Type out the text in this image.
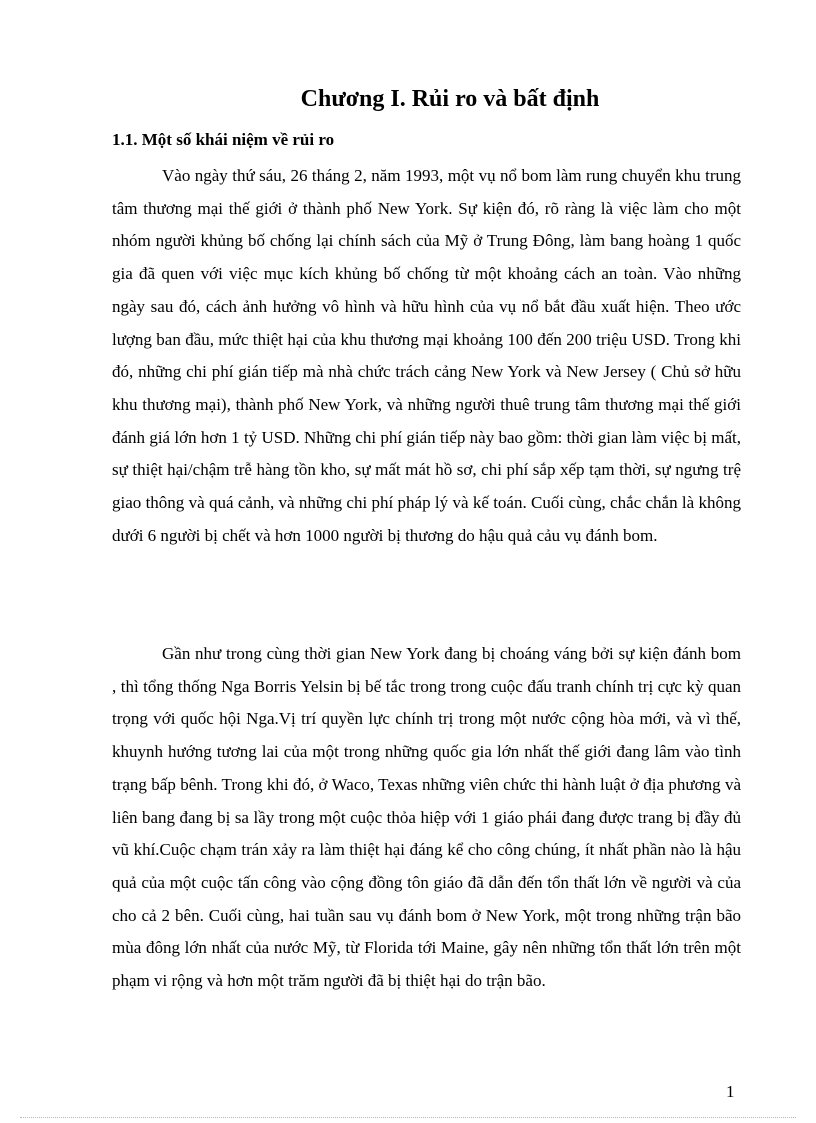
Chương I. Rủi ro và bất định
1.1. Một số khái niệm về rủi ro

Vào ngày thứ sáu, 26 tháng 2, năm 1993, một vụ nổ bom làm rung chuyển khu trung tâm thương mại thế giới ở thành phố New York. Sự kiện đó, rõ ràng là việc làm cho một nhóm người khủng bố chống lại chính sách của Mỹ ở Trung Đông, làm bang hoàng 1 quốc gia đã quen với việc mục kích khủng bố chống từ một khoảng cách an toàn. Vào những ngày sau đó, cách ảnh hưởng vô hình và hữu hình của vụ nổ bắt đầu xuất hiện. Theo ước lượng ban đầu, mức thiệt hại của khu thương mại khoảng 100 đến 200 triệu USD. Trong khi đó, những chi phí gián tiếp mà nhà chức trách cảng New York và New Jersey ( Chủ sở hữu khu thương mại), thành phố New York, và những người thuê trung tâm thương mại thế giới đánh giá lớn hơn 1 tỷ USD. Những chi phí gián tiếp này bao gồm: thời gian làm việc bị mất, sự thiệt hại/chậm trễ hàng tồn kho, sự mất mát hồ sơ, chi phí sắp xếp tạm thời, sự ngưng trệ giao thông và quá cảnh, và những chi phí pháp lý và kế toán. Cuối cùng, chắc chắn là không dưới 6 người bị chết và hơn 1000 người bị thương do hậu quả cảu vụ đánh bom.

Gần như trong cùng thời gian New York đang bị choáng váng bởi sự kiện đánh bom , thì tổng thống Nga Borris Yelsin bị bế tắc trong trong cuộc đấu tranh chính trị cực kỳ quan trọng với quốc hội Nga.Vị trí quyền lực chính trị trong một nước cộng hòa mới, và vì thế, khuynh hướng tương lai của một trong những quốc gia lớn nhất thế giới đang lâm vào tình trạng bấp bênh. Trong khi đó, ở Waco, Texas những viên chức thi hành luật ở địa phương và liên bang đang bị sa lầy trong một cuộc thỏa hiệp với 1 giáo phái đang được trang bị đầy đủ vũ khí.Cuộc chạm trán xảy ra làm thiệt hại đáng kể cho công chúng, ít nhất phần nào là hậu quả của một cuộc tấn công vào cộng đồng tôn giáo đã dẫn đến tổn thất lớn về người và của cho cả 2 bên. Cuối cùng, hai tuần sau vụ đánh bom ở New York, một trong những trận bão mùa đông lớn nhất của nước Mỹ, từ Florida tới Maine, gây nên những tổn thất lớn trên một phạm vi rộng và hơn một trăm người đã bị thiệt hại do trận bão.

1
